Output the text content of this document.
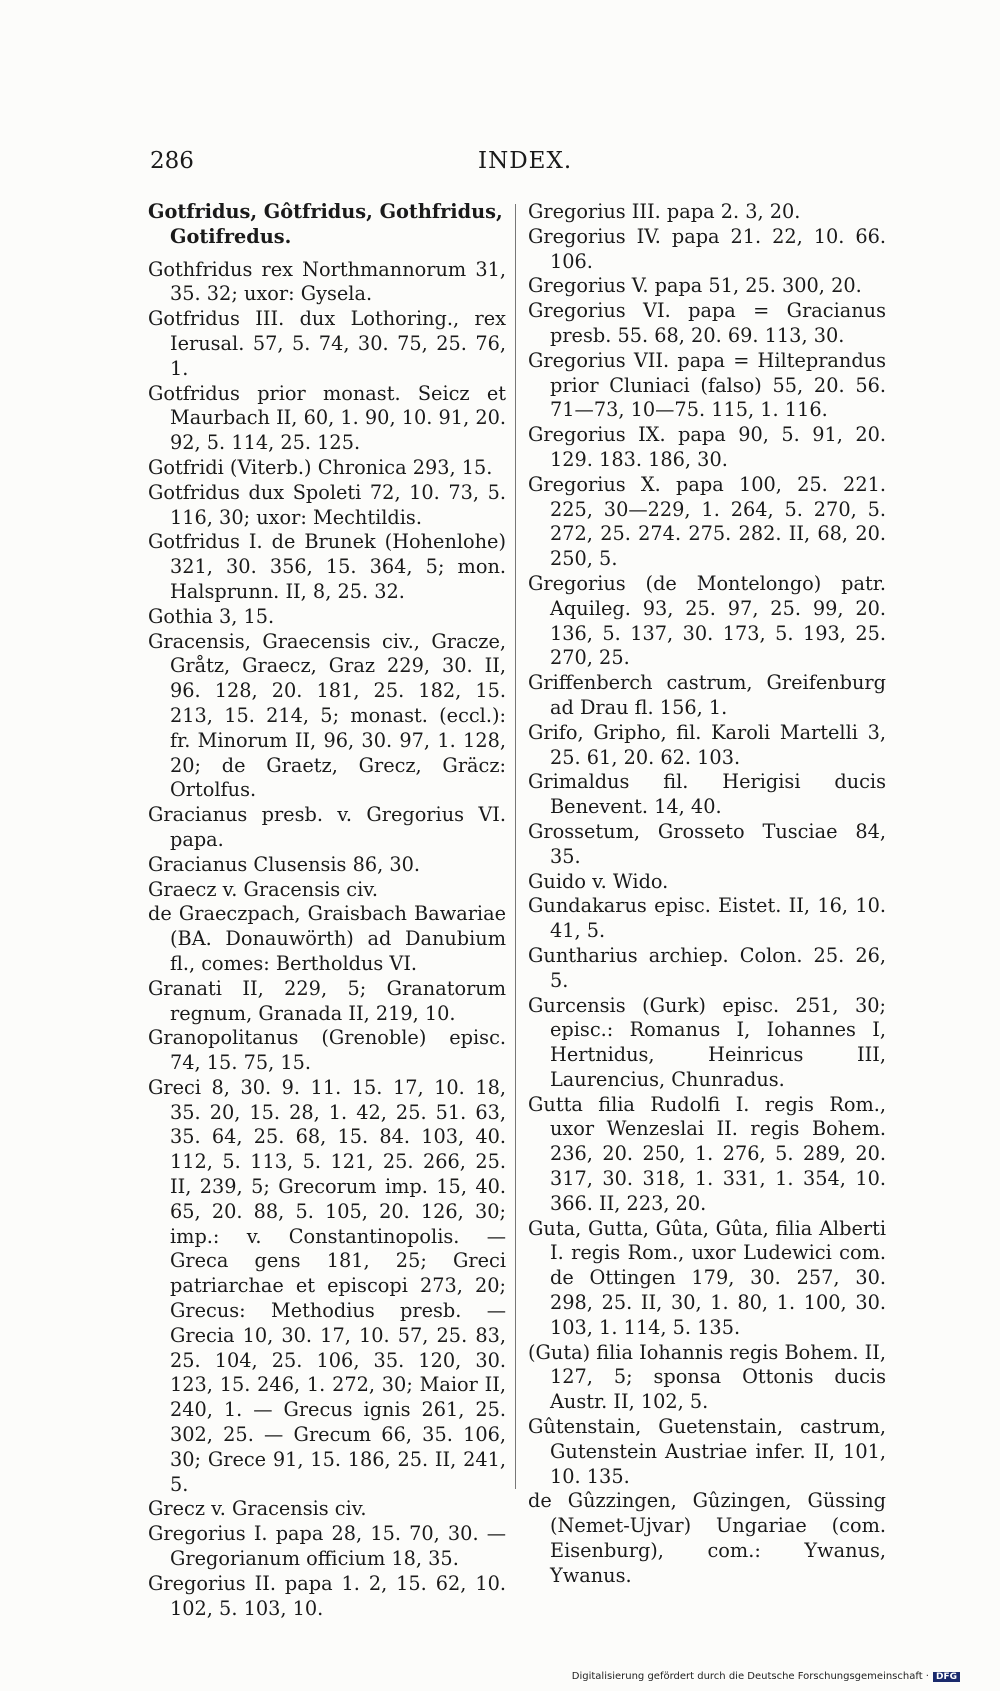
286	INDEX.
Gotfridus, Gôtfridus, Gothfridus, Gotifredus.
Gothfridus rex Northmannorum 31, 35. 32; uxor: Gysela.
Gotfridus III. dux Lothoring., rex Ierusal. 57, 5. 74, 30. 75, 25. 76, 1.
Gotfridus prior monast. Seicz et Maurbach II, 60, 1. 90, 10. 91, 20. 92, 5. 114, 25. 125.
Gotfridi (Viterb.) Chronica 293, 15.
Gotfridus dux Spoleti 72, 10. 73, 5. 116, 30; uxor: Mechtildis.
Gotfridus I. de Brunek (Hohenlohe) 321, 30. 356, 15. 364, 5; mon. Halsprunn. II, 8, 25. 32.
Gothia 3, 15.
Gracensis, Graecensis civ., Gracze, Gråtz, Graecz, Graz 229, 30. II, 96. 128, 20. 181, 25. 182, 15. 213, 15. 214, 5; monast. (eccl.): fr. Minorum II, 96, 30. 97, 1. 128, 20; de Graetz, Grecz, Gräcz: Ortolfus.
Gracianus presb. v. Gregorius VI. papa.
Gracianus Clusensis 86, 30.
Graecz v. Gracensis civ.
de Graeczpach, Graisbach Bawariae (BA. Donauwörth) ad Danubium fl., comes: Bertholdus VI.
Granati II, 229, 5; Granatorum regnum, Granada II, 219, 10.
Granopolitanus (Grenoble) episc. 74, 15. 75, 15.
Greci 8, 30. 9. 11. 15. 17, 10. 18, 35. 20, 15. 28, 1. 42, 25. 51. 63, 35. 64, 25. 68, 15. 84. 103, 40. 112, 5. 113, 5. 121, 25. 266, 25. II, 239, 5; Grecorum imp. 15, 40. 65, 20. 88, 5. 105, 20. 126, 30; imp.: v. Constantinopolis. — Greca gens 181, 25; Greci patriarchae et episcopi 273, 20; Grecus: Methodius presb. — Grecia 10, 30. 17, 10. 57, 25. 83, 25. 104, 25. 106, 35. 120, 30. 123, 15. 246, 1. 272, 30; Maior II, 240, 1. — Grecus ignis 261, 25. 302, 25. — Grecum 66, 35. 106, 30; Grece 91, 15. 186, 25. II, 241, 5.
Grecz v. Gracensis civ.
Gregorius I. papa 28, 15. 70, 30. — Gregorianum officium 18, 35.
Gregorius II. papa 1. 2, 15. 62, 10. 102, 5. 103, 10.
Gregorius III. papa 2. 3, 20.
Gregorius IV. papa 21. 22, 10. 66. 106.
Gregorius V. papa 51, 25. 300, 20.
Gregorius VI. papa = Gracianus presb. 55. 68, 20. 69. 113, 30.
Gregorius VII. papa = Hilteprandus prior Cluniaci (falso) 55, 20. 56. 71—73, 10—75. 115, 1. 116.
Gregorius IX. papa 90, 5. 91, 20. 129. 183. 186, 30.
Gregorius X. papa 100, 25. 221. 225, 30—229, 1. 264, 5. 270, 5. 272, 25. 274. 275. 282. II, 68, 20. 250, 5.
Gregorius (de Montelongo) patr. Aquileg. 93, 25. 97, 25. 99, 20. 136, 5. 137, 30. 173, 5. 193, 25. 270, 25.
Griffenberch castrum, Greifenburg ad Drau fl. 156, 1.
Grifo, Gripho, fil. Karoli Martelli 3, 25. 61, 20. 62. 103.
Grimaldus fil. Herigisi ducis Benevent. 14, 40.
Grossetum, Grosseto Tusciae 84, 35.
Guido v. Wido.
Gundakarus episc. Eistet. II, 16, 10. 41, 5.
Guntharius archiep. Colon. 25. 26, 5.
Gurcensis (Gurk) episc. 251, 30; episc.: Romanus I, Iohannes I, Hertnidus, Heinricus III, Laurencius, Chunradus.
Gutta filia Rudolfi I. regis Rom., uxor Wenzeslai II. regis Bohem. 236, 20. 250, 1. 276, 5. 289, 20. 317, 30. 318, 1. 331, 1. 354, 10. 366. II, 223, 20.
Guta, Gutta, Gûta, Gûta, filia Alberti I. regis Rom., uxor Ludewici com. de Ottingen 179, 30. 257, 30. 298, 25. II, 30, 1. 80, 1. 100, 30. 103, 1. 114, 5. 135.
(Guta) filia Iohannis regis Bohem. II, 127, 5; sponsa Ottonis ducis Austr. II, 102, 5.
Gûtenstain, Guetenstain, castrum, Gutenstein Austriae infer. II, 101, 10. 135.
de Gûzzingen, Gûzingen, Güssing (Nemet-Ujvar) Ungariae (com. Eisenburg), com.: Ywanus, Ywanus.
Digitalisierung gefördert durch die Deutsche Forschungsgemeinschaft · DFG
